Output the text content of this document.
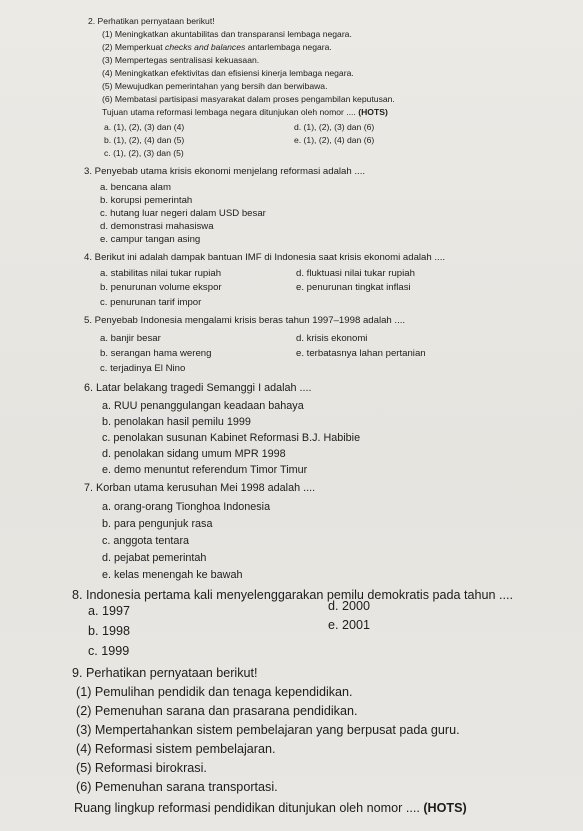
2. Perhatikan pernyataan berikut!
(1) Meningkatkan akuntabilitas dan transparansi lembaga negara.
(2) Memperkuat checks and balances antarlembaga negara.
(3) Mempertegas sentralisasi kekuasaan.
(4) Meningkatkan efektivitas dan efisiensi kinerja lembaga negara.
(5) Mewujudkan pemerintahan yang bersih dan berwibawa.
(6) Membatasi partisipasi masyarakat dalam proses pengambilan keputusan.
Tujuan utama reformasi lembaga negara ditunjukan oleh nomor .... (HOTS)
a. (1), (2), (3) dan (4)	d. (1), (2), (3) dan (6)
b. (1), (2), (4) dan (5)	e. (1), (2), (4) dan (6)
c. (1), (2), (3) dan (5)
3. Penyebab utama krisis ekonomi menjelang reformasi adalah ....
a. bencana alam
b. korupsi pemerintah
c. hutang luar negeri dalam USD besar
d. demonstrasi mahasiswa
e. campur tangan asing
4. Berikut ini adalah dampak bantuan IMF di Indonesia saat krisis ekonomi adalah ....
a. stabilitas nilai tukar rupiah	d. fluktuasi nilai tukar rupiah
b. penurunan volume ekspor	e. penurunan tingkat inflasi
c. penurunan tarif impor
5. Penyebab Indonesia mengalami krisis beras tahun 1997–1998 adalah ....
a. banjir besar	d. krisis ekonomi
b. serangan hama wereng	e. terbatasnya lahan pertanian
c. terjadinya El Nino
6. Latar belakang tragedi Semanggi I adalah ....
a. RUU penanggulangan keadaan bahaya
b. penolakan hasil pemilu 1999
c. penolakan susunan Kabinet Reformasi B.J. Habibie
d. penolakan sidang umum MPR 1998
e. demo menuntut referendum Timor Timur
7. Korban utama kerusuhan Mei 1998 adalah ....
a. orang-orang Tionghoa Indonesia
b. para pengunjuk rasa
c. anggota tentara
d. pejabat pemerintah
e. kelas menengah ke bawah
8. Indonesia pertama kali menyelenggarakan pemilu demokratis pada tahun ....
a. 1997	d. 2000
b. 1998	e. 2001
c. 1999
9. Perhatikan pernyataan berikut!
(1) Pemulihan pendidik dan tenaga kependidikan.
(2) Pemenuhan sarana dan prasarana pendidikan.
(3) Mempertahankan sistem pembelajaran yang berpusat pada guru.
(4) Reformasi sistem pembelajaran.
(5) Reformasi birokrasi.
(6) Pemenuhan sarana transportasi.
Ruang lingkup reformasi pendidikan ditunjukan oleh nomor .... (HOTS)
